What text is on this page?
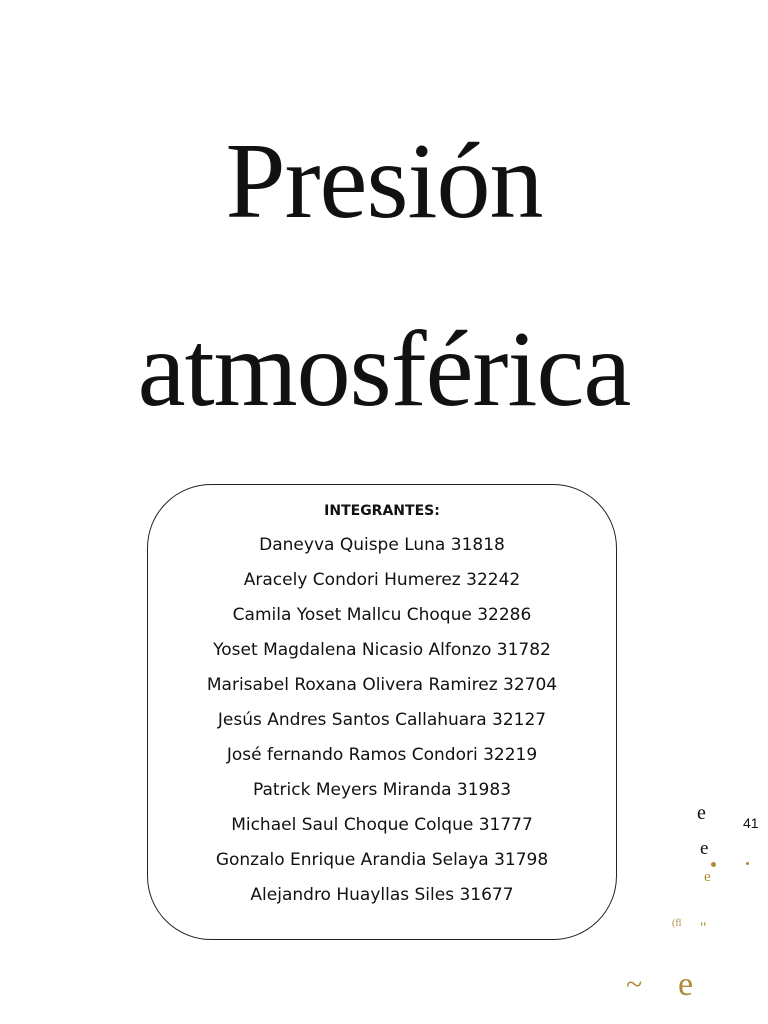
Presión
atmosférica
INTEGRANTES:
Daneyva Quispe Luna 31818
Aracely Condori Humerez 32242
Camila Yoset Mallcu Choque 32286
Yoset Magdalena Nicasio Alfonzo 31782
Marisabel Roxana Olivera Ramirez 32704
Jesús Andres Santos Callahuara 32127
José fernando Ramos Condori 32219
Patrick Meyers Miranda 31983
Michael Saul Choque Colque 31777
Gonzalo Enrique Arandia Selaya 31798
Alejandro Huayllas Siles 31677
e	41
e
e
(fl "
~ e
